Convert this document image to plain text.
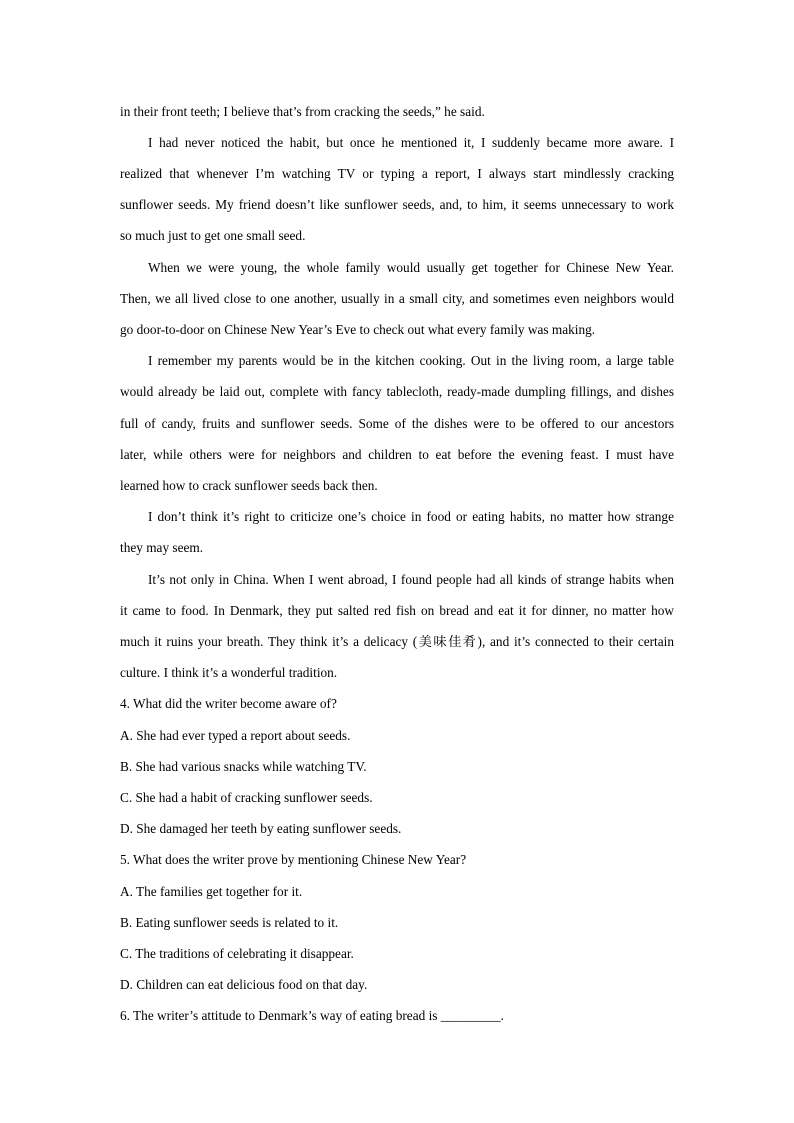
in their front teeth; I believe that’s from cracking the seeds,” he said.
I had never noticed the habit, but once he mentioned it, I suddenly became more aware. I
realized that whenever I’m watching TV or typing a report, I always start mindlessly cracking
sunflower seeds. My friend doesn’t like sunflower seeds, and, to him, it seems unnecessary to work
so much just to get one small seed.
When we were young, the whole family would usually get together for Chinese New Year.
Then, we all lived close to one another, usually in a small city, and sometimes even neighbors would
go door-to-door on Chinese New Year’s Eve to check out what every family was making.
I remember my parents would be in the kitchen cooking. Out in the living room, a large table
would already be laid out, complete with fancy tablecloth, ready-made dumpling fillings, and dishes
full of candy, fruits and sunflower seeds. Some of the dishes were to be offered to our ancestors
later, while others were for neighbors and children to eat before the evening feast. I must have
learned how to crack sunflower seeds back then.
I don’t think it’s right to criticize one’s choice in food or eating habits, no matter how strange
they may seem.
It’s not only in China. When I went abroad, I found people had all kinds of strange habits when
it came to food. In Denmark, they put salted red fish on bread and eat it for dinner, no matter how
much it ruins your breath. They think it’s a delicacy (美味佳肴), and it’s connected to their certain
culture. I think it’s a wonderful tradition.
4. What did the writer become aware of?
A. She had ever typed a report about seeds.
B. She had various snacks while watching TV.
C. She had a habit of cracking sunflower seeds.
D. She damaged her teeth by eating sunflower seeds.
5. What does the writer prove by mentioning Chinese New Year?
A. The families get together for it.
B. Eating sunflower seeds is related to it.
C. The traditions of celebrating it disappear.
D. Children can eat delicious food on that day.
6. The writer’s attitude to Denmark’s way of eating bread is _________.
